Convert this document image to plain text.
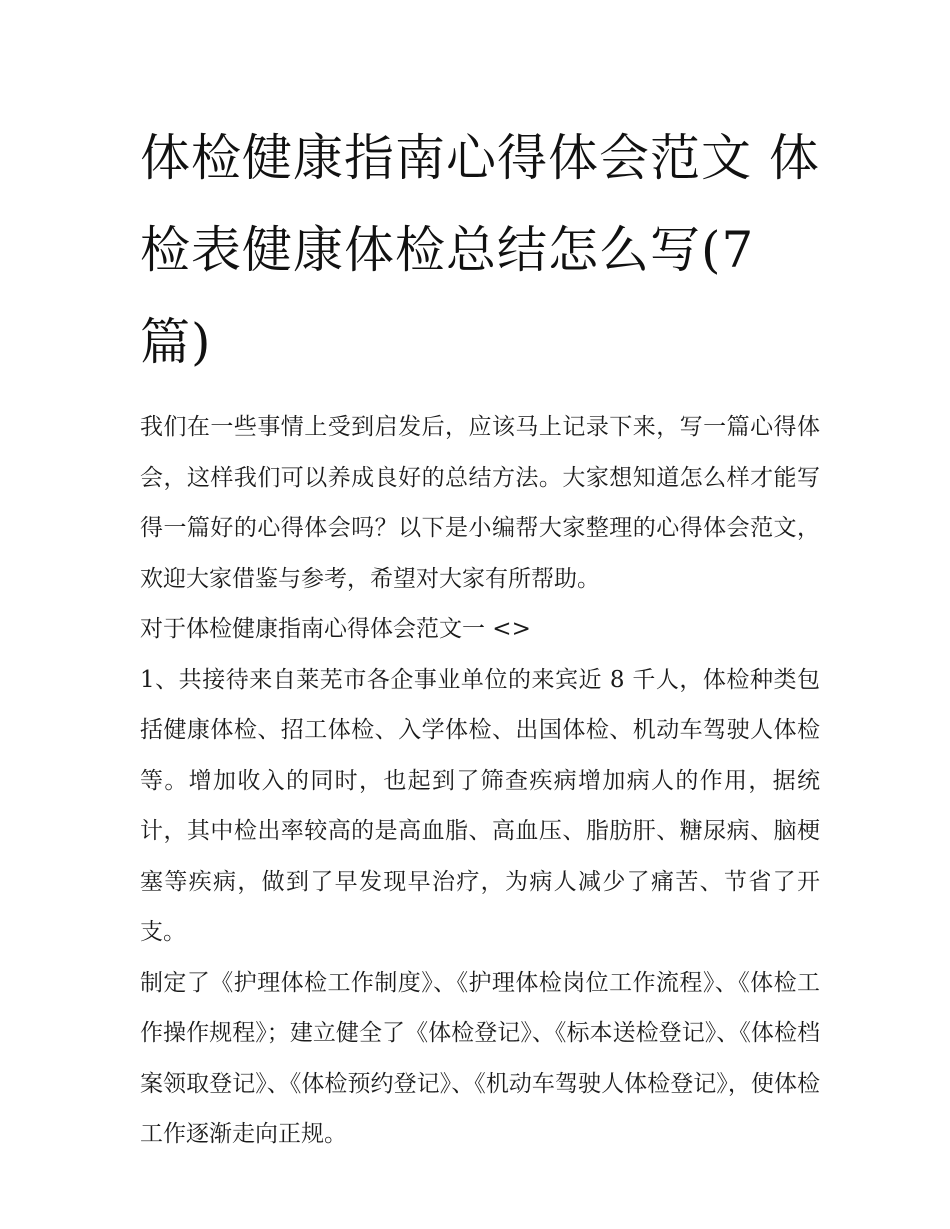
体检健康指南心得体会范文 体检表健康体检总结怎么写(7篇)

我们在一些事情上受到启发后，应该马上记录下来，写一篇心得体会，这样我们可以养成良好的总结方法。大家想知道怎么样才能写得一篇好的心得体会吗？以下是小编帮大家整理的心得体会范文，欢迎大家借鉴与参考，希望对大家有所帮助。

对于体检健康指南心得体会范文一 <>

1、共接待来自莱芜市各企事业单位的来宾近 8 千人，体检种类包括健康体检、招工体检、入学体检、出国体检、机动车驾驶人体检等。增加收入的同时，也起到了筛查疾病增加病人的作用，据统计，其中检出率较高的是高血脂、高血压、脂肪肝、糖尿病、脑梗塞等疾病，做到了早发现早治疗，为病人减少了痛苦、节省了开支。

制定了《护理体检工作制度》、《护理体检岗位工作流程》、《体检工作操作规程》；建立健全了《体检登记》、《标本送检登记》、《体检档案领取登记》、《体检预约登记》、《机动车驾驶人体检登记》，使体检工作逐渐走向正规。
